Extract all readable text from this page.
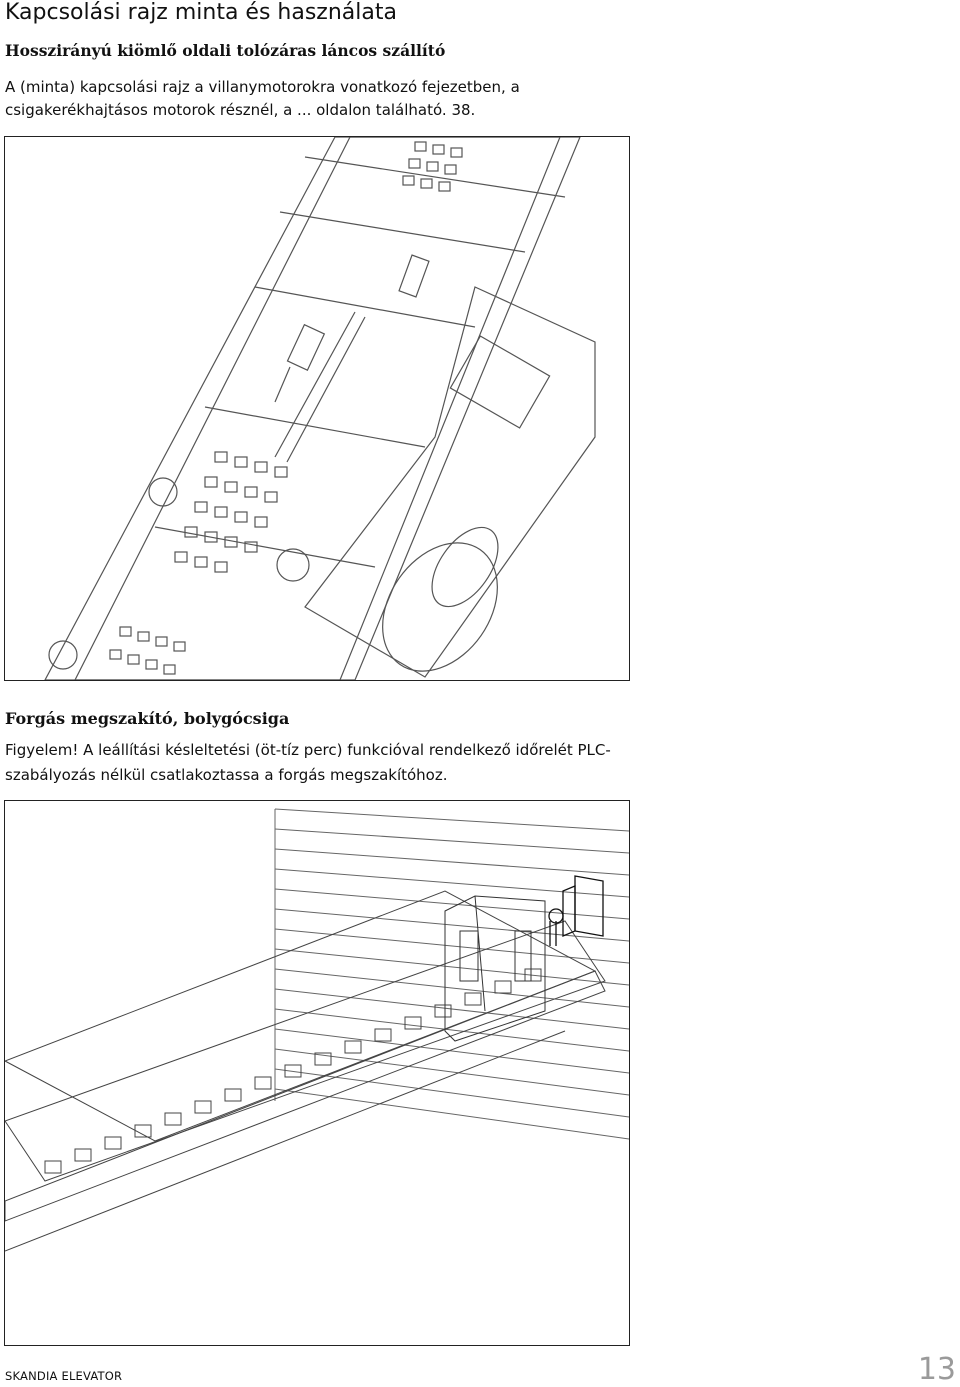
Kapcsolási rajz minta és használata
Hosszirányú kiömlő oldali tolózáras láncos szállító

A (minta) kapcsolási rajz a villanymotorokra vonatkozó fejezetben, a csigakerékhajtásos motorok résznél, a ... oldalon található. 38.

Forgás megszakító, bolygócsiga

Figyelem! A leállítási késleltetési (öt-tíz perc) funkcióval rendelkező időrelét PLC-szabályozás nélkül csatlakoztassa a forgás megszakítóhoz.

SKANDIA ELEVATOR	13
